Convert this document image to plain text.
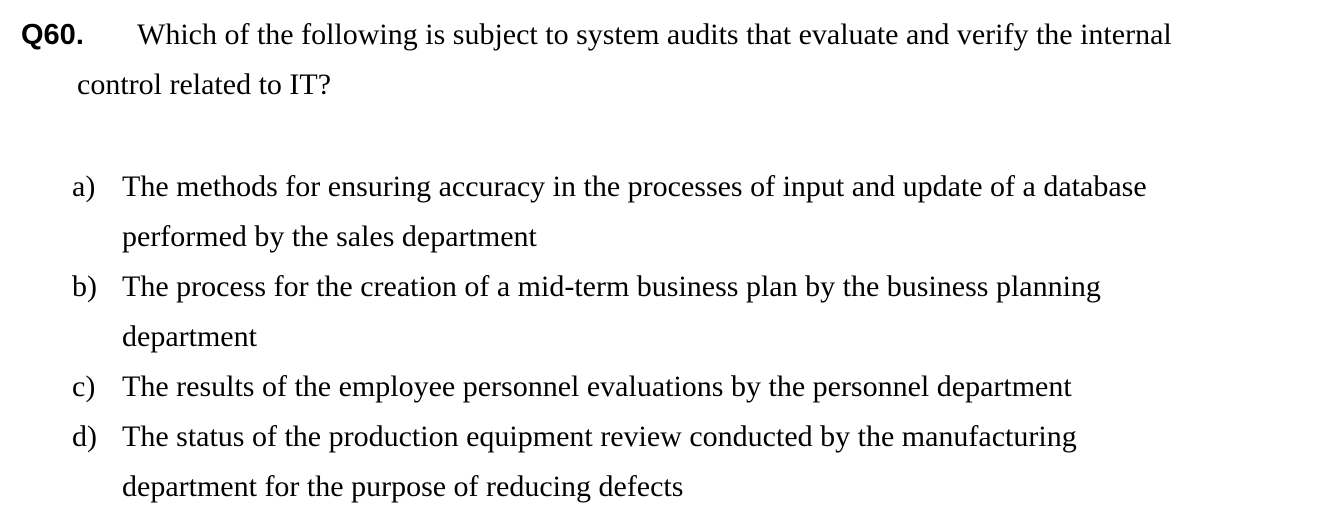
Q60. Which of the following is subject to system audits that evaluate and verify the internal
control related to IT?
a) The methods for ensuring accuracy in the processes of input and update of a database
performed by the sales department
b) The process for the creation of a mid-term business plan by the business planning
department
c) The results of the employee personnel evaluations by the personnel department
d) The status of the production equipment review conducted by the manufacturing
department for the purpose of reducing defects
